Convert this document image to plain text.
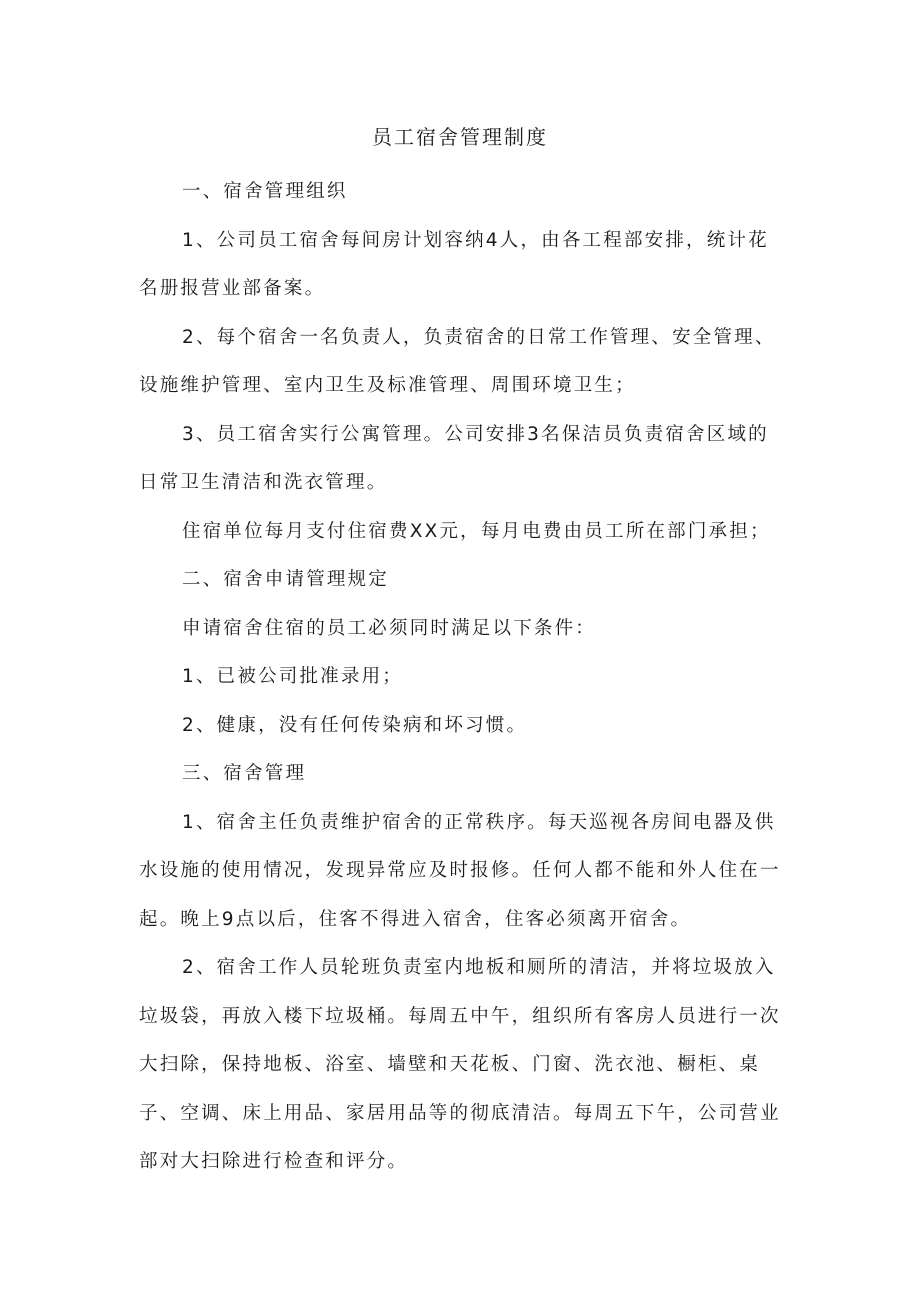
员工宿舍管理制度

一、宿舍管理组织

1、公司员工宿舍每间房计划容纳4人，由各工程部安排，统计花名册报营业部备案。

2、每个宿舍一名负责人，负责宿舍的日常工作管理、安全管理、设施维护管理、室内卫生及标准管理、周围环境卫生；

3、员工宿舍实行公寓管理。公司安排3名保洁员负责宿舍区域的日常卫生清洁和洗衣管理。

住宿单位每月支付住宿费XX元，每月电费由员工所在部门承担；

二、宿舍申请管理规定

申请宿舍住宿的员工必须同时满足以下条件：

1、已被公司批准录用；

2、健康，没有任何传染病和坏习惯。

三、宿舍管理

1、宿舍主任负责维护宿舍的正常秩序。每天巡视各房间电器及供水设施的使用情况，发现异常应及时报修。任何人都不能和外人住在一起。晚上9点以后，住客不得进入宿舍，住客必须离开宿舍。

2、宿舍工作人员轮班负责室内地板和厕所的清洁，并将垃圾放入垃圾袋，再放入楼下垃圾桶。每周五中午，组织所有客房人员进行一次大扫除，保持地板、浴室、墙壁和天花板、门窗、洗衣池、橱柜、桌子、空调、床上用品、家居用品等的彻底清洁。每周五下午，公司营业部对大扫除进行检查和评分。
